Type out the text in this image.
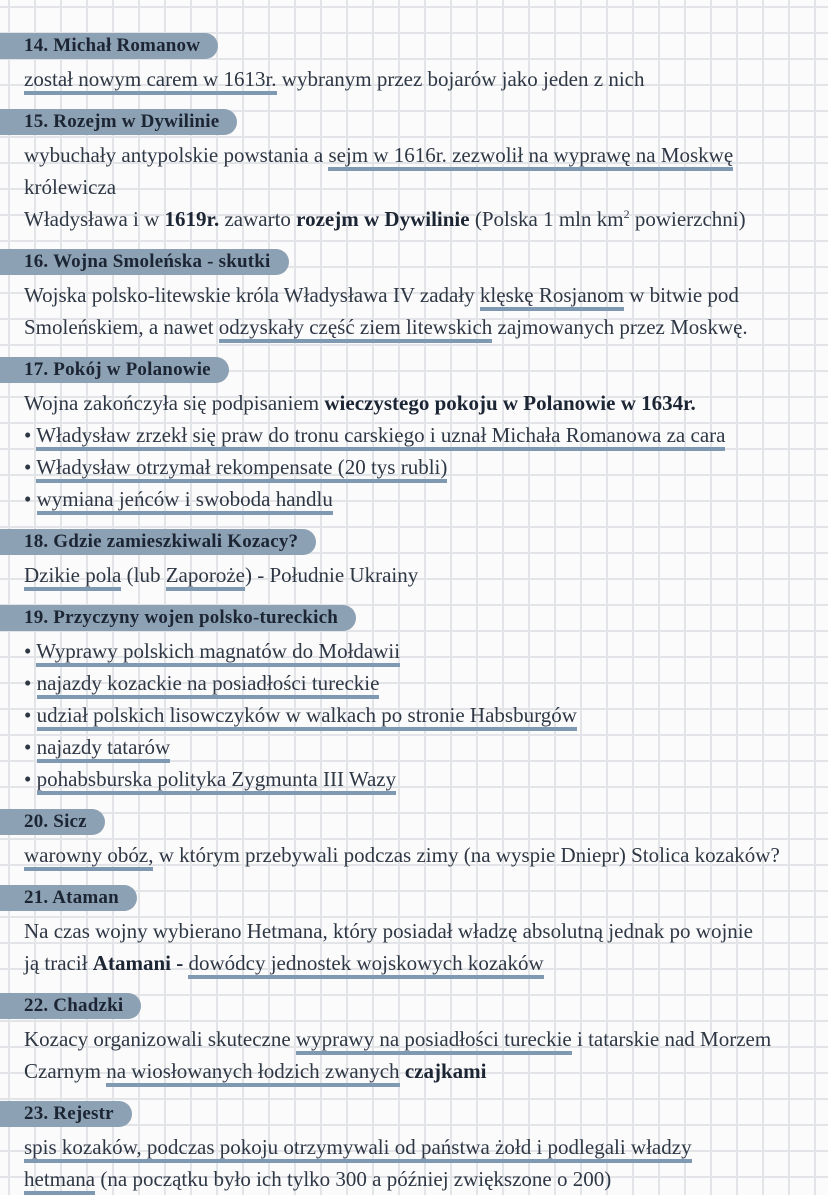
14. Michał Romanow
został nowym carem w 1613r. wybranym przez bojarów jako jeden z nich
15. Rozejm w Dywilinie
wybuchały antypolskie powstania a sejm w 1616r. zezwolił na wyprawę na Moskwę królewicza
Władysława i w 1619r. zawarto rozejm w Dywilinie (Polska 1 mln $km^2$ powierzchni)
16. Wojna Smoleńska - skutki
Wojska polsko-litewskie króla Władysława IV zadały klęskę Rosjanom w bitwie pod
Smoleńskiem, a nawet odzyskały część ziem litewskich zajmowanych przez Moskwę.
17. Pokój w Polanowie
Wojna zakończyła się podpisaniem wieczystego pokoju w Polanowie w 1634r.
• Władysław zrzekł się praw do tronu carskiego i uznał Michała Romanowa za cara
• Władysław otrzymał rekompensate (20 tys rubli)
• wymiana jeńców i swoboda handlu
18. Gdzie zamieszkiwali Kozacy?
Dzikie pola (lub Zaporoże) - Południe Ukrainy
19. Przyczyny wojen polsko-tureckich
• Wyprawy polskich magnatów do Mołdawii
• najazdy kozackie na posiadłości tureckie
• udział polskich lisowczyków w walkach po stronie Habsburgów
• najazdy tatarów
• pohabsburska polityka Zygmunta III Wazy
20. Sicz
warowny obóz, w którym przebywali podczas zimy (na wyspie Dniepr) Stolica kozaków?
21. Ataman
Na czas wojny wybierano Hetmana, który posiadał władzę absolutną jednak po wojnie
ją tracił Atamani - dowódcy jednostek wojskowych kozaków
22. Chadzki
Kozacy organizowali skuteczne wyprawy na posiadłości tureckie i tatarskie nad Morzem
Czarnym na wiosłowanych łodzich zwanych czajkami
23. Rejestr
spis kozaków, podczas pokoju otrzymywali od państwa żołd i podlegali władzy
hetmana (na początku było ich tylko 300 a później zwiększone o 200)
